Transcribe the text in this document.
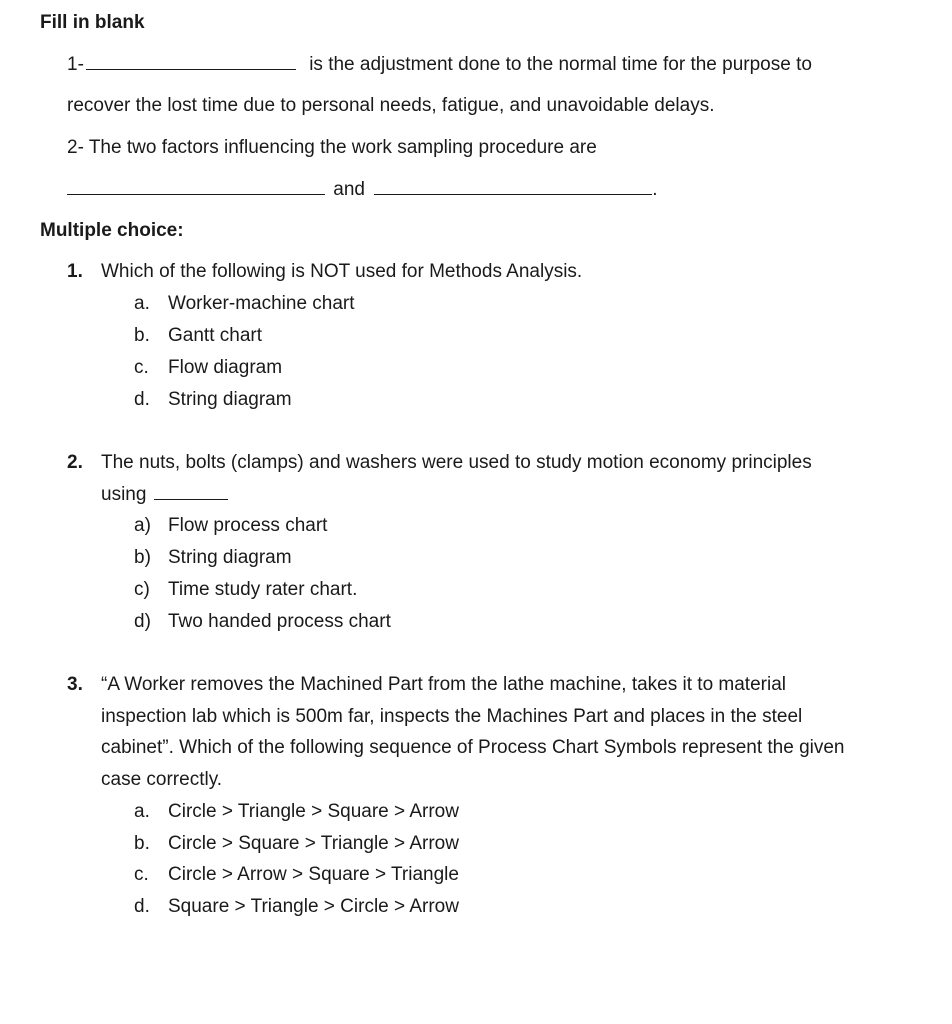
Fill in blank
1-	is the adjustment done to the normal time for the purpose to
recover the lost time due to personal needs, fatigue, and unavoidable delays.
2- The two factors influencing the work sampling procedure are
and	.
Multiple choice:
1. Which of the following is NOT used for Methods Analysis.
a. Worker-machine chart
b. Gantt chart
c. Flow diagram
d. String diagram
2. The nuts, bolts (clamps) and washers were used to study motion economy principles
using
a) Flow process chart
b) String diagram
c) Time study rater chart.
d) Two handed process chart
3. “A Worker removes the Machined Part from the lathe machine, takes it to material
inspection lab which is 500m far, inspects the Machines Part and places in the steel
cabinet”. Which of the following sequence of Process Chart Symbols represent the given
case correctly.
a. Circle > Triangle > Square > Arrow
b. Circle > Square > Triangle > Arrow
c. Circle > Arrow > Square > Triangle
d. Square > Triangle > Circle > Arrow
